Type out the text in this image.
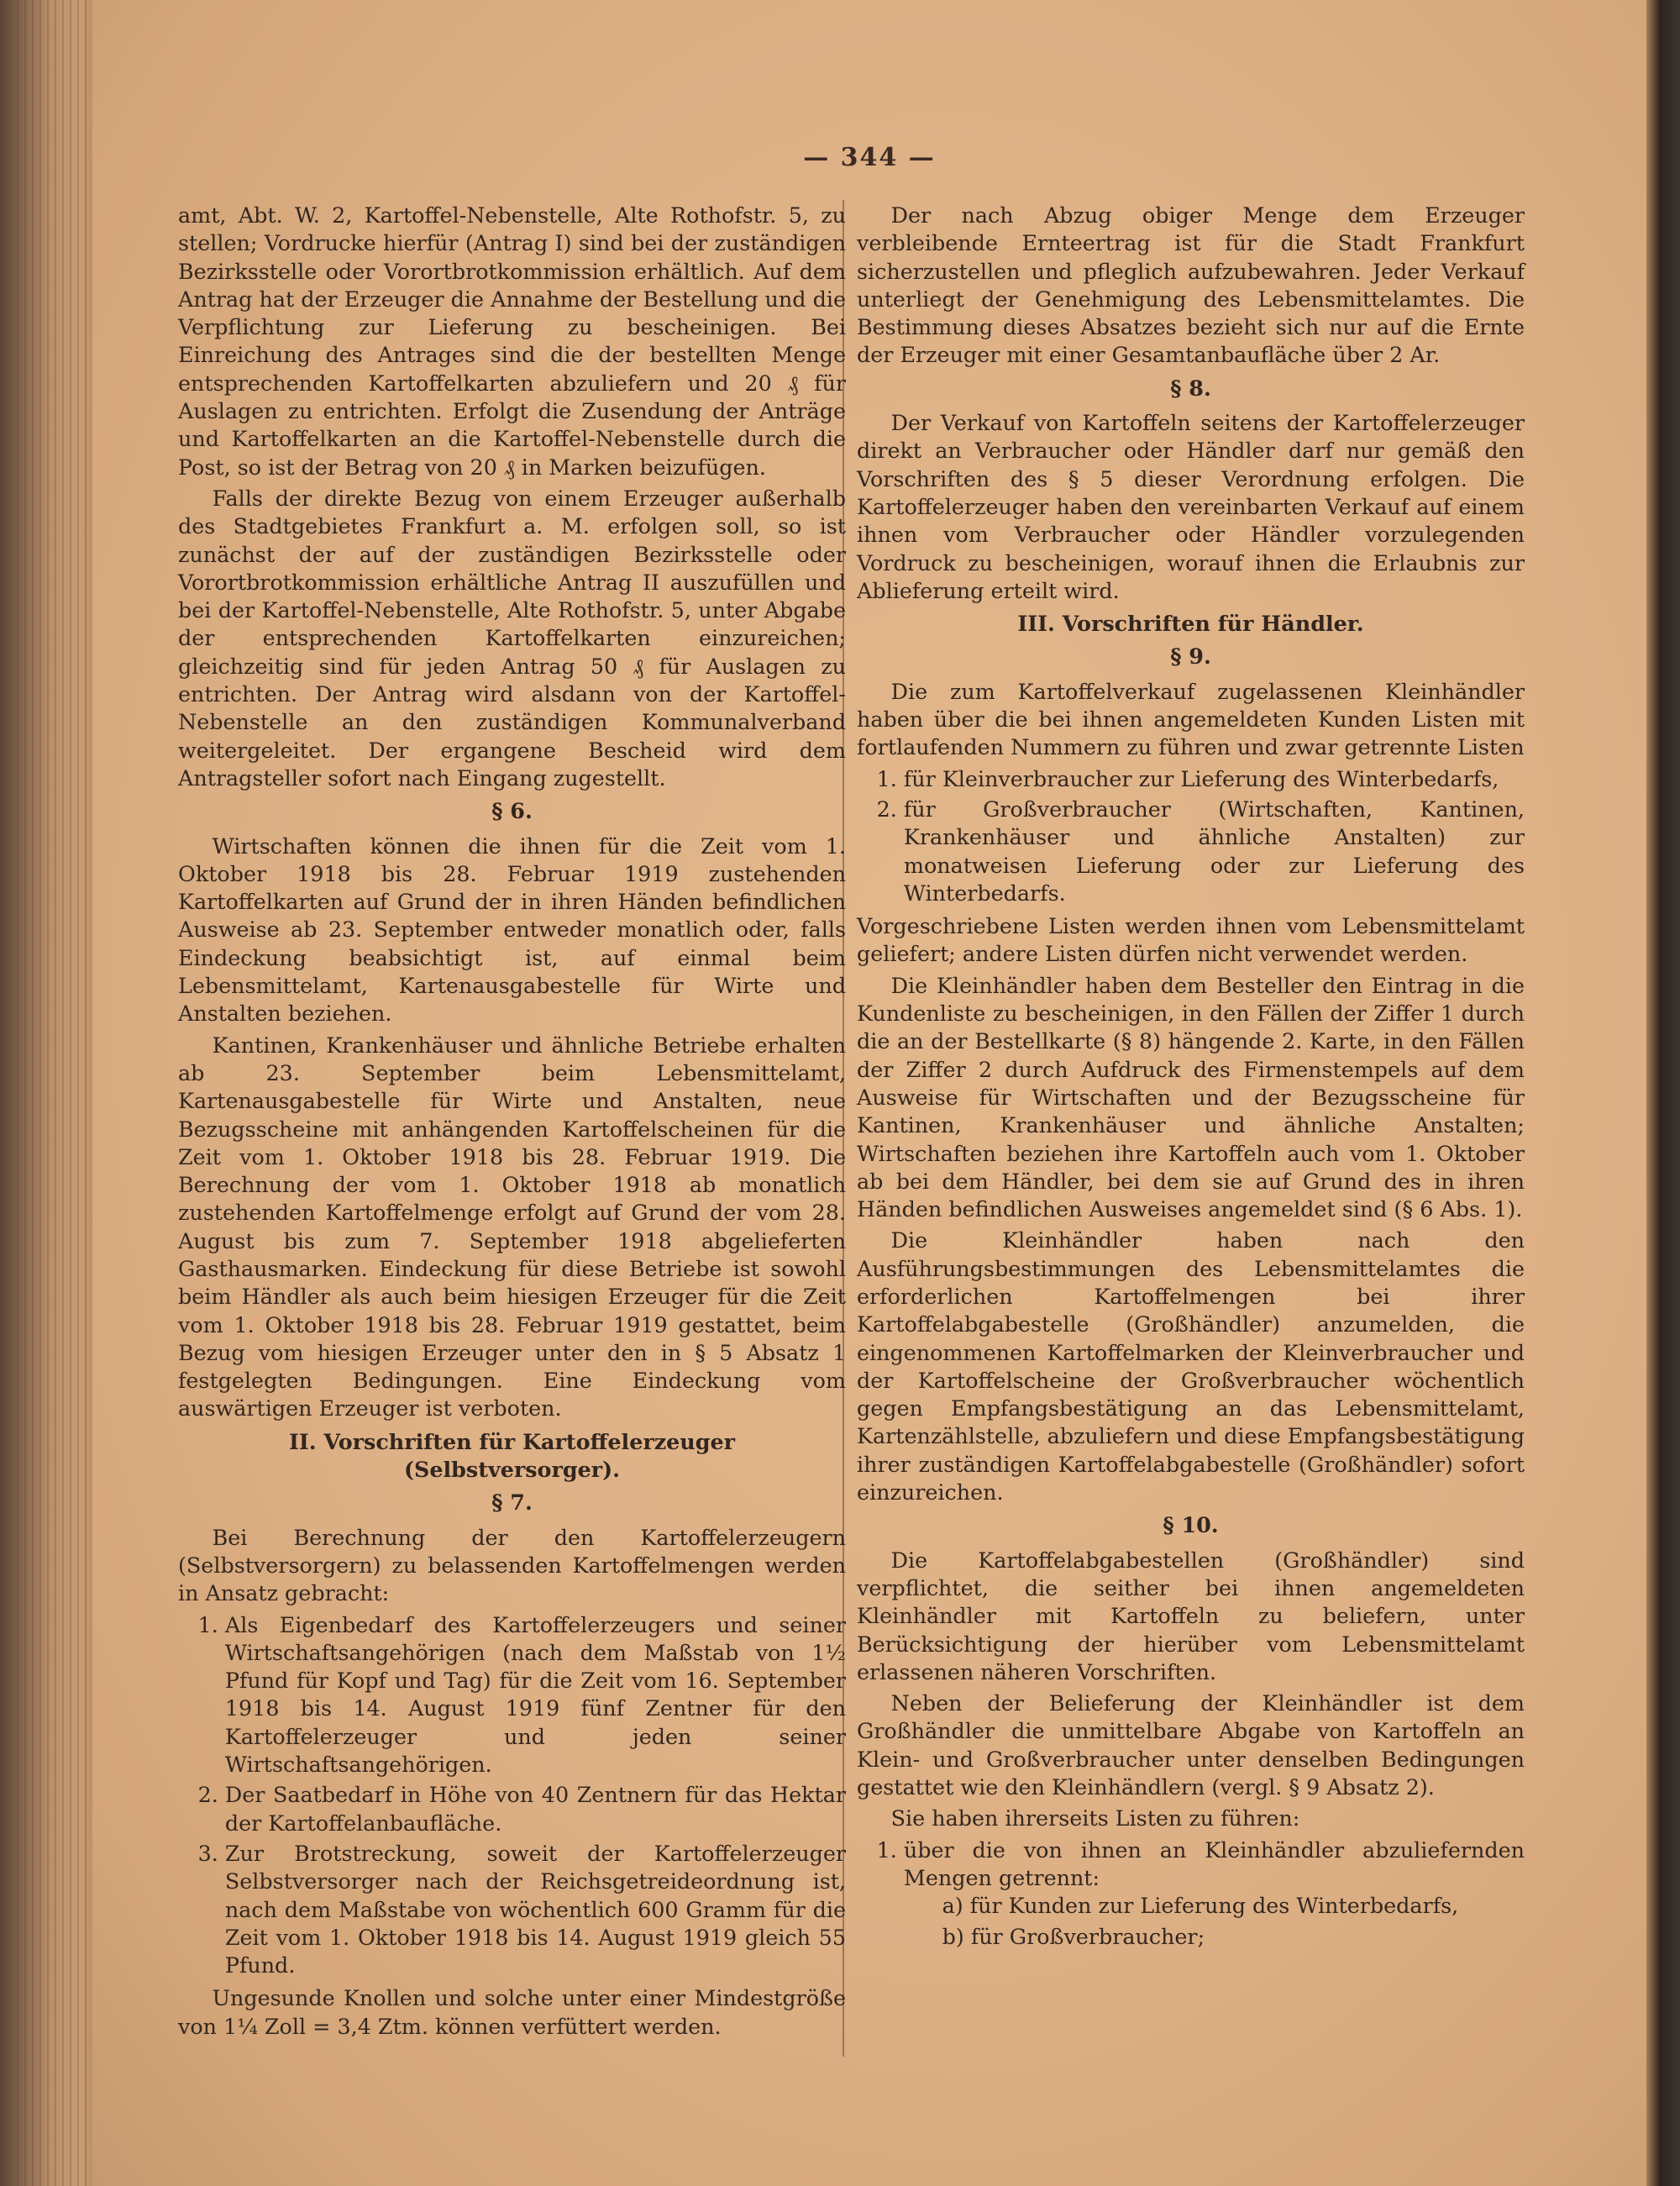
— 344 —

amt, Abt. W. 2, Kartoffel-Nebenstelle, Alte Rothofstr. 5, zu stellen; Vordrucke hierfür (Antrag I) sind bei der zuständigen Bezirksstelle oder Vorortbrotkommission erhältlich. Auf dem Antrag hat der Erzeuger die Annahme der Bestellung und die Verpflichtung zur Lieferung zu bescheinigen. Bei Einreichung des Antrages sind die der bestellten Menge entsprechenden Kartoffelkarten abzuliefern und 20 ₰ für Auslagen zu entrichten. Erfolgt die Zusendung der Anträge und Kartoffelkarten an die Kartoffel-Nebenstelle durch die Post, so ist der Betrag von 20 ₰ in Marken beizufügen.

Falls der direkte Bezug von einem Erzeuger außerhalb des Stadtgebietes Frankfurt a. M. erfolgen soll, so ist zunächst der auf der zuständigen Bezirksstelle oder Vorortbrotkommission erhältliche Antrag II auszufüllen und bei der Kartoffel-Nebenstelle, Alte Rothofstr. 5, unter Abgabe der entsprechenden Kartoffelkarten einzureichen; gleichzeitig sind für jeden Antrag 50 ₰ für Auslagen zu entrichten. Der Antrag wird alsdann von der Kartoffel-Nebenstelle an den zuständigen Kommunalverband weitergeleitet. Der ergangene Bescheid wird dem Antragsteller sofort nach Eingang zugestellt.

§ 6.

Wirtschaften können die ihnen für die Zeit vom 1. Oktober 1918 bis 28. Februar 1919 zustehenden Kartoffelkarten auf Grund der in ihren Händen befindlichen Ausweise ab 23. September entweder monatlich oder, falls Eindeckung beabsichtigt ist, auf einmal beim Lebensmittelamt, Kartenausgabestelle für Wirte und Anstalten beziehen.

Kantinen, Krankenhäuser und ähnliche Betriebe erhalten ab 23. September beim Lebensmittelamt, Kartenausgabestelle für Wirte und Anstalten, neue Bezugsscheine mit anhängenden Kartoffelscheinen für die Zeit vom 1. Oktober 1918 bis 28. Februar 1919. Die Berechnung der vom 1. Oktober 1918 ab monatlich zustehenden Kartoffelmenge erfolgt auf Grund der vom 28. August bis zum 7. September 1918 abgelieferten Gasthausmarken. Eindeckung für diese Betriebe ist sowohl beim Händler als auch beim hiesigen Erzeuger für die Zeit vom 1. Oktober 1918 bis 28. Februar 1919 gestattet, beim Bezug vom hiesigen Erzeuger unter den in § 5 Absatz 1 festgelegten Bedingungen. Eine Eindeckung vom auswärtigen Erzeuger ist verboten.

II. Vorschriften für Kartoffelerzeuger (Selbstversorger).
§ 7.

Bei Berechnung der den Kartoffelerzeugern (Selbstversorgern) zu belassenden Kartoffelmengen werden in Ansatz gebracht:

1. Als Eigenbedarf des Kartoffelerzeugers und seiner Wirtschaftsangehörigen (nach dem Maßstab von 1½ Pfund für Kopf und Tag) für die Zeit vom 16. September 1918 bis 14. August 1919 fünf Zentner für den Kartoffelerzeuger und jeden seiner Wirtschaftsangehörigen.
2. Der Saatbedarf in Höhe von 40 Zentnern für das Hektar der Kartoffelanbaufläche.
3. Zur Brotstreckung, soweit der Kartoffelerzeuger Selbstversorger nach der Reichsgetreideordnung ist, nach dem Maßstabe von wöchentlich 600 Gramm für die Zeit vom 1. Oktober 1918 bis 14. August 1919 gleich 55 Pfund.

Ungesunde Knollen und solche unter einer Mindestgröße von 1¼ Zoll = 3,4 Ztm. können verfüttert werden.

Der nach Abzug obiger Menge dem Erzeuger verbleibende Ernteertrag ist für die Stadt Frankfurt sicherzustellen und pfleglich aufzubewahren. Jeder Verkauf unterliegt der Genehmigung des Lebensmittelamtes. Die Bestimmung dieses Absatzes bezieht sich nur auf die Ernte der Erzeuger mit einer Gesamtanbaufläche über 2 Ar.

§ 8.

Der Verkauf von Kartoffeln seitens der Kartoffelerzeuger direkt an Verbraucher oder Händler darf nur gemäß den Vorschriften des § 5 dieser Verordnung erfolgen. Die Kartoffelerzeuger haben den vereinbarten Verkauf auf einem ihnen vom Verbraucher oder Händler vorzulegenden Vordruck zu bescheinigen, worauf ihnen die Erlaubnis zur Ablieferung erteilt wird.

III. Vorschriften für Händler.
§ 9.

Die zum Kartoffelverkauf zugelassenen Kleinhändler haben über die bei ihnen angemeldeten Kunden Listen mit fortlaufenden Nummern zu führen und zwar getrennte Listen

1. für Kleinverbraucher zur Lieferung des Winterbedarfs,
2. für Großverbraucher (Wirtschaften, Kantinen, Krankenhäuser und ähnliche Anstalten) zur monatweisen Lieferung oder zur Lieferung des Winterbedarfs.

Vorgeschriebene Listen werden ihnen vom Lebensmittelamt geliefert; andere Listen dürfen nicht verwendet werden.

Die Kleinhändler haben dem Besteller den Eintrag in die Kundenliste zu bescheinigen, in den Fällen der Ziffer 1 durch die an der Bestellkarte (§ 8) hängende 2. Karte, in den Fällen der Ziffer 2 durch Aufdruck des Firmenstempels auf dem Ausweise für Wirtschaften und der Bezugsscheine für Kantinen, Krankenhäuser und ähnliche Anstalten; Wirtschaften beziehen ihre Kartoffeln auch vom 1. Oktober ab bei dem Händler, bei dem sie auf Grund des in ihren Händen befindlichen Ausweises angemeldet sind (§ 6 Abs. 1).

Die Kleinhändler haben nach den Ausführungsbestimmungen des Lebensmittelamtes die erforderlichen Kartoffelmengen bei ihrer Kartoffelabgabestelle (Großhändler) anzumelden, die eingenommenen Kartoffelmarken der Kleinverbraucher und der Kartoffelscheine der Großverbraucher wöchentlich gegen Empfangsbestätigung an das Lebensmittelamt, Kartenzählstelle, abzuliefern und diese Empfangsbestätigung ihrer zuständigen Kartoffelabgabestelle (Großhändler) sofort einzureichen.

§ 10.

Die Kartoffelabgabestellen (Großhändler) sind verpflichtet, die seither bei ihnen angemeldeten Kleinhändler mit Kartoffeln zu beliefern, unter Berücksichtigung der hierüber vom Lebensmittelamt erlassenen näheren Vorschriften.

Neben der Belieferung der Kleinhändler ist dem Großhändler die unmittelbare Abgabe von Kartoffeln an Klein- und Großverbraucher unter denselben Bedingungen gestattet wie den Kleinhändlern (vergl. § 9 Absatz 2).

Sie haben ihrerseits Listen zu führen:

1. über die von ihnen an Kleinhändler abzuliefernden Mengen getrennt:
a) für Kunden zur Lieferung des Winterbedarfs,
b) für Großverbraucher;
